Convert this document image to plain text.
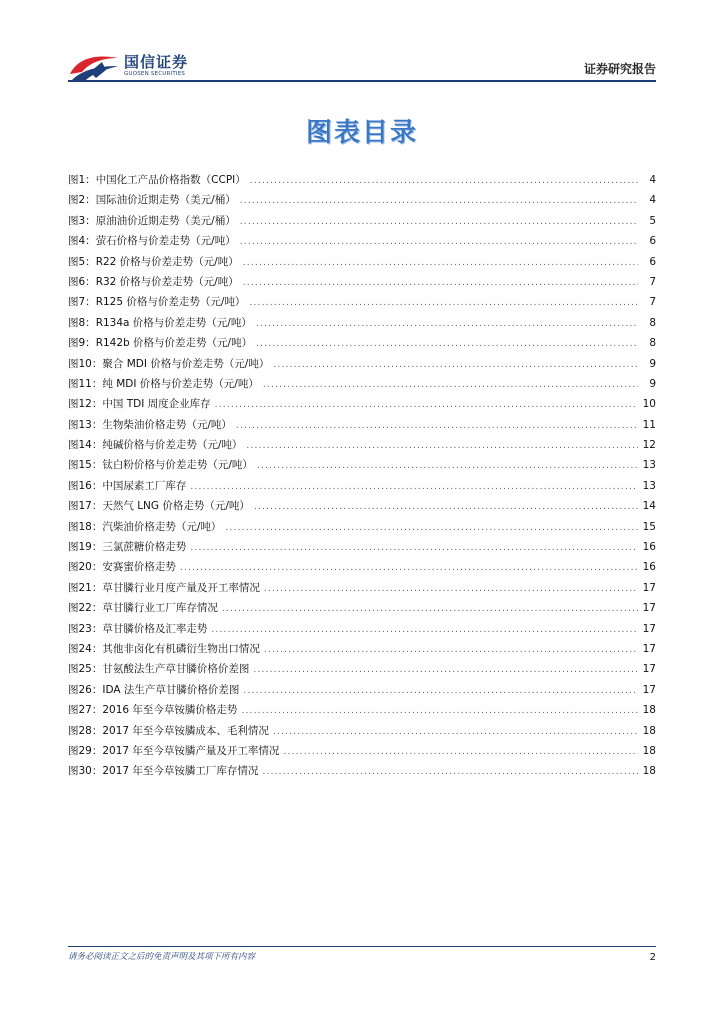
国信证券
GUOSEN SECURITIES	证券研究报告
图表目录
图1：中国化工产品价格指数（CCPI） .....	4
图2：国际油价近期走势（美元/桶） .....	4
图3：原油油价近期走势（美元/桶） .....	5
图4：萤石价格与价差走势（元/吨） .....	6
图5：R22 价格与价差走势（元/吨） .....	6
图6：R32 价格与价差走势（元/吨） .....	7
图7：R125 价格与价差走势（元/吨） .....	7
图8：R134a 价格与价差走势（元/吨） .....	8
图9：R142b 价格与价差走势（元/吨） .....	8
图10：聚合 MDI 价格与价差走势（元/吨） .....	9
图11：纯 MDI 价格与价差走势（元/吨） .....	9
图12：中国 TDI 周度企业库存 .....	10
图13：生物柴油价格走势（元/吨） .....	11
图14：纯碱价格与价差走势（元/吨） .....	12
图15：钛白粉价格与价差走势（元/吨） .....	13
图16：中国尿素工厂库存 .....	13
图17：天然气 LNG 价格走势（元/吨） .....	14
图18：汽柴油价格走势（元/吨） .....	15
图19：三氯蔗糖价格走势 .....	16
图20：安赛蜜价格走势 .....	16
图21：草甘膦行业月度产量及开工率情况 .....	17
图22：草甘膦行业工厂库存情况 .....	17
图23：草甘膦价格及汇率走势 .....	17
图24：其他非卤化有机磷衍生物出口情况 .....	17
图25：甘氨酸法生产草甘膦价格价差图 .....	17
图26：IDA 法生产草甘膦价格价差图 .....	17
图27：2016 年至今草铵膦价格走势 .....	18
图28：2017 年至今草铵膦成本、毛利情况 .....	18
图29：2017 年至今草铵膦产量及开工率情况 .....	18
图30：2017 年至今草铵膦工厂库存情况 .....	18
请务必阅读正文之后的免责声明及其项下所有内容	2
